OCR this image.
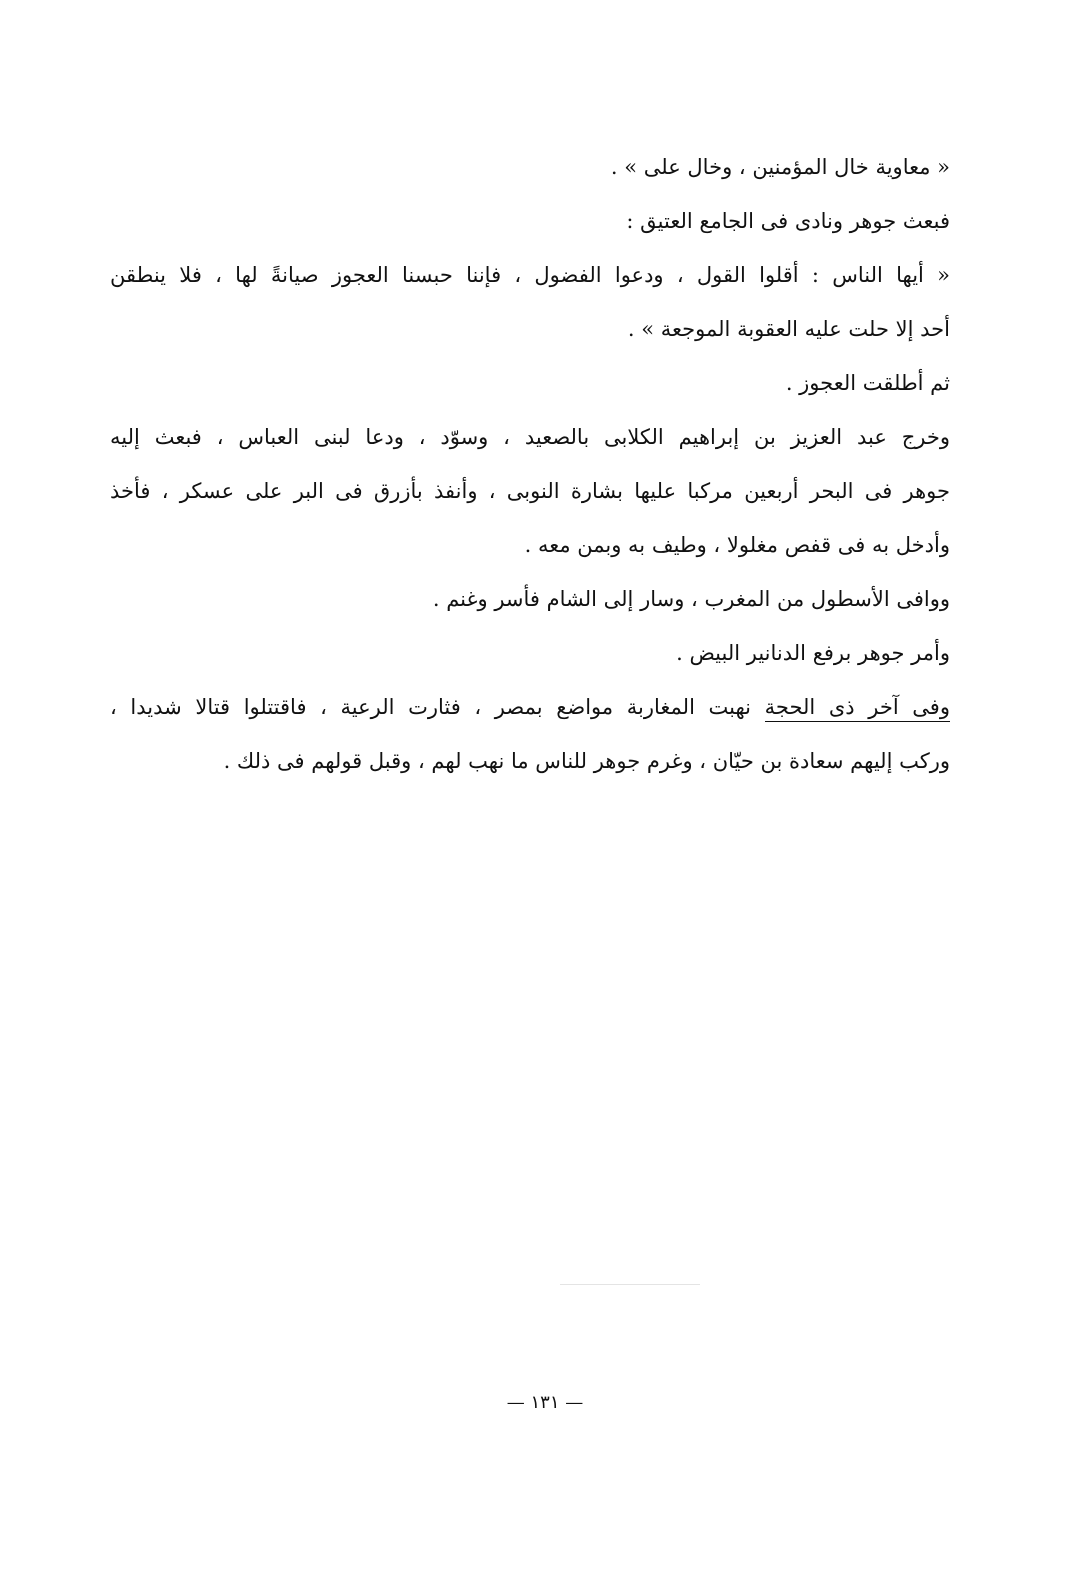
« معاوية خال المؤمنين ، وخال على » .
فبعث جوهر ونادى فى الجامع العتيق :
« أيها الناس : أقلوا القول ، ودعوا الفضول ، فإننا حبسنا العجوز صيانةً لها ، فلا ينطقن
أحد إلا حلت عليه العقوبة الموجعة » .
ثم أطلقت العجوز .
وخرج عبد العزيز بن إبراهيم الكلابى بالصعيد ، وسوّد ، ودعا لبنى العباس ، فبعث إليه
جوهر فى البحر أربعين مركبا عليها بشارة النوبى ، وأنفذ بأزرق فى البر على عسكر ، فأخذ
وأدخل به فى قفص مغلولا ، وطيف به وبمن معه .
ووافى الأسطول من المغرب ، وسار إلى الشام فأسر وغنم .
وأمر جوهر برفع الدنانير البيض .
وفى آخر ذى الحجة نهبت المغاربة مواضع بمصر ، فثارت الرعية ، فاقتتلوا قتالا شديدا ،
وركب إليهم سعادة بن حيّان ، وغرم جوهر للناس ما نهب لهم ، وقبل قولهم فى ذلك .
— ١٣١ —
